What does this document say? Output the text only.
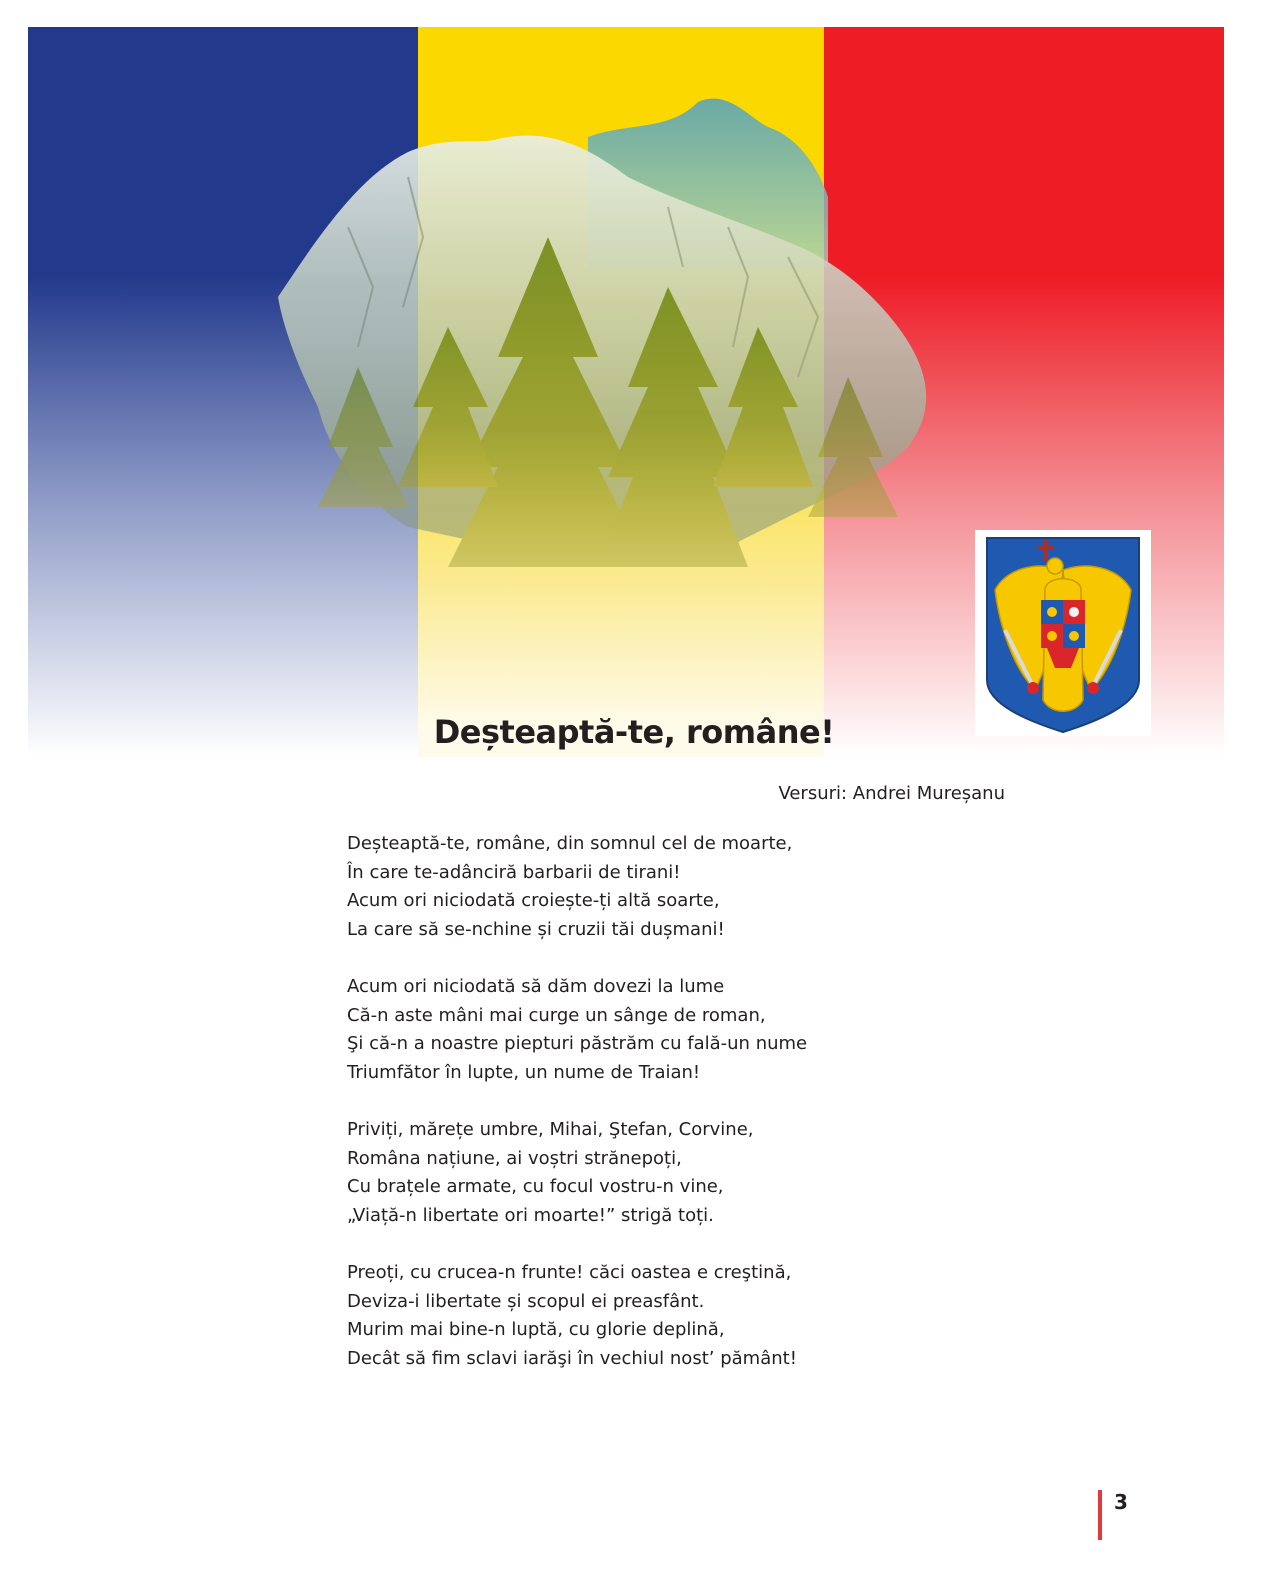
Deșteaptă-te, române!
Versuri: Andrei Mureșanu
Deșteaptă-te, române, din somnul cel de moarte,
În care te-adânciră barbarii de tirani!
Acum ori niciodată croiește-ți altă soarte,
La care să se-nchine și cruzii tăi dușmani!
Acum ori niciodată să dăm dovezi la lume
Că-n aste mâni mai curge un sânge de roman,
Şi că-n a noastre piepturi păstrăm cu fală-un nume
Triumfător în lupte, un nume de Traian!
Priviți, mărețe umbre, Mihai, Ştefan, Corvine,
Româna națiune, ai voștri strănepoți,
Cu brațele armate, cu focul vostru-n vine,
„Viață-n libertate ori moarte!” strigă toți.
Preoți, cu crucea-n frunte! căci oastea e creştină,
Deviza-i libertate și scopul ei preasfânt.
Murim mai bine-n luptă, cu glorie deplină,
Decât să fim sclavi iarăşi în vechiul nost’ pământ!
3
